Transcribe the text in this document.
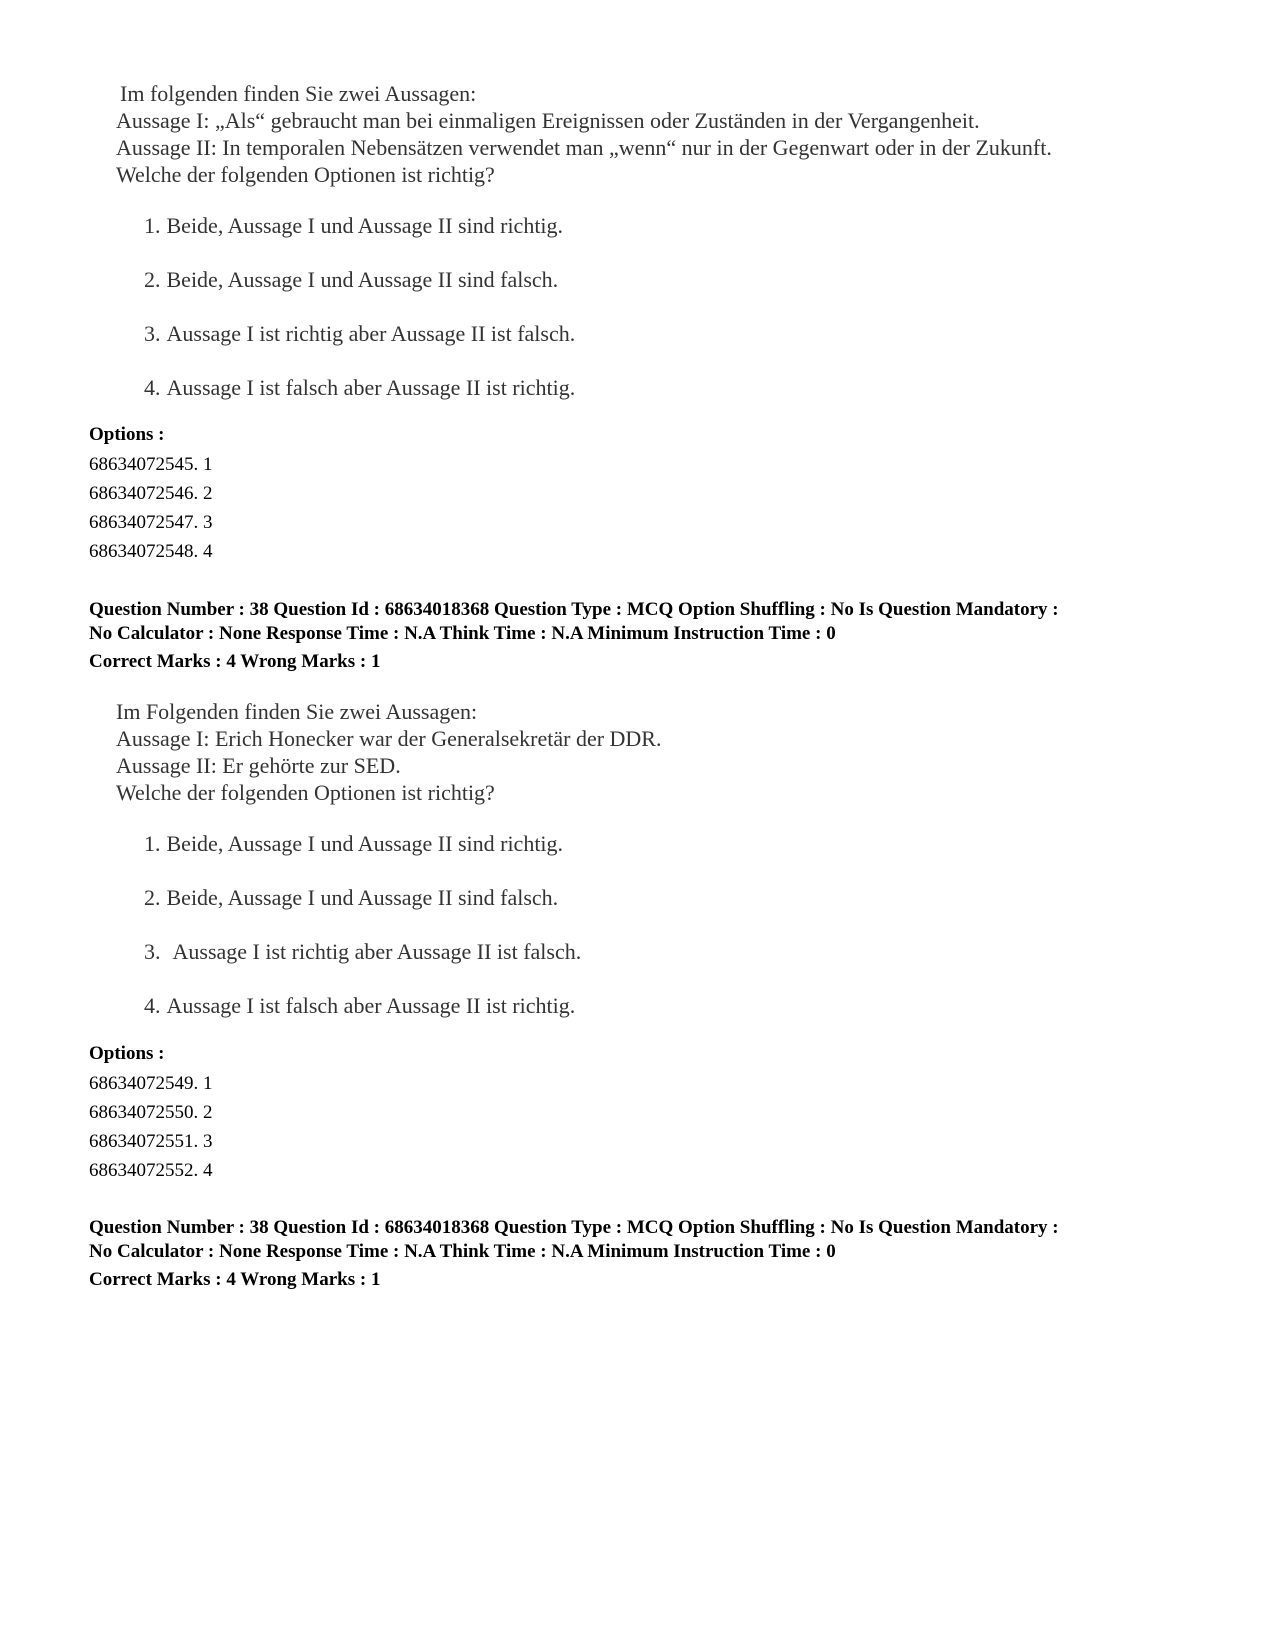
Im folgenden finden Sie zwei Aussagen:

Aussage I: „Als“ gebraucht man bei einmaligen Ereignissen oder Zuständen in der Vergangenheit.

Aussage II: In temporalen Nebensätzen verwendet man „wenn“ nur in der Gegenwart oder in der Zukunft.

Welche der folgenden Optionen ist richtig?

1. Beide, Aussage I und Aussage II sind richtig.
2. Beide, Aussage I und Aussage II sind falsch.
3. Aussage I ist richtig aber Aussage II ist falsch.
4. Aussage I ist falsch aber Aussage II ist richtig.

Options :

68634072545. 1

68634072546. 2

68634072547. 3

68634072548. 4

Question Number : 38 Question Id : 68634018368 Question Type : MCQ Option Shuffling : No Is Question Mandatory :

No Calculator : None Response Time : N.A Think Time : N.A Minimum Instruction Time : 0

Correct Marks : 4 Wrong Marks : 1

Im Folgenden finden Sie zwei Aussagen:

Aussage I: Erich Honecker war der Generalsekretär der DDR.

Aussage II: Er gehörte zur SED.

Welche der folgenden Optionen ist richtig?

1. Beide, Aussage I und Aussage II sind richtig.
2. Beide, Aussage I und Aussage II sind falsch.
3. Aussage I ist richtig aber Aussage II ist falsch.
4. Aussage I ist falsch aber Aussage II ist richtig.

Options :

68634072549. 1

68634072550. 2

68634072551. 3

68634072552. 4

Question Number : 38 Question Id : 68634018368 Question Type : MCQ Option Shuffling : No Is Question Mandatory :

No Calculator : None Response Time : N.A Think Time : N.A Minimum Instruction Time : 0

Correct Marks : 4 Wrong Marks : 1
